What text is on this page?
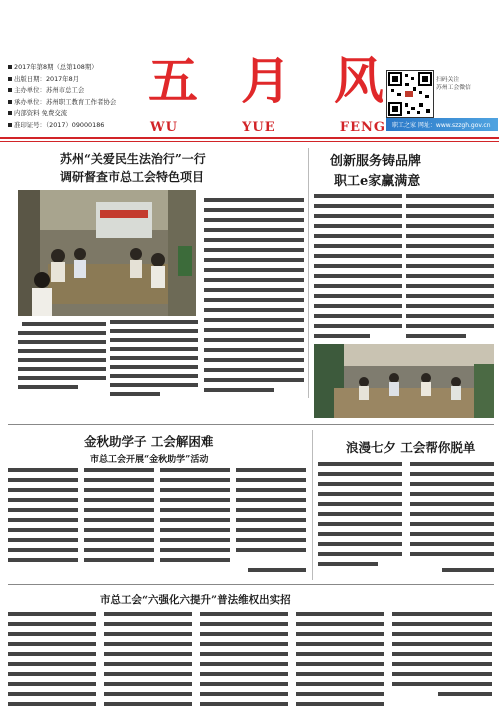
2017年第8期（总第108期）
出版日期：2017年8月
主办单位：苏州市总工会
承办单位：苏州职工教育工作者协会
内部资料 免费交流
准印证号：（2017）09000186
五 月 风
WU	YUE	FENG
扫码关注
苏州工会微信
职工之家 网址：www.szzgh.gov.cn
苏州“关爱民生法治行”一行
调研督查市总工会特色项目
创新服务铸品牌
职工e家赢满意
金秋助学子 工会解困难
市总工会开展“金秋助学”活动
浪漫七夕 工会帮你脱单
市总工会“六强化六提升”普法维权出实招
